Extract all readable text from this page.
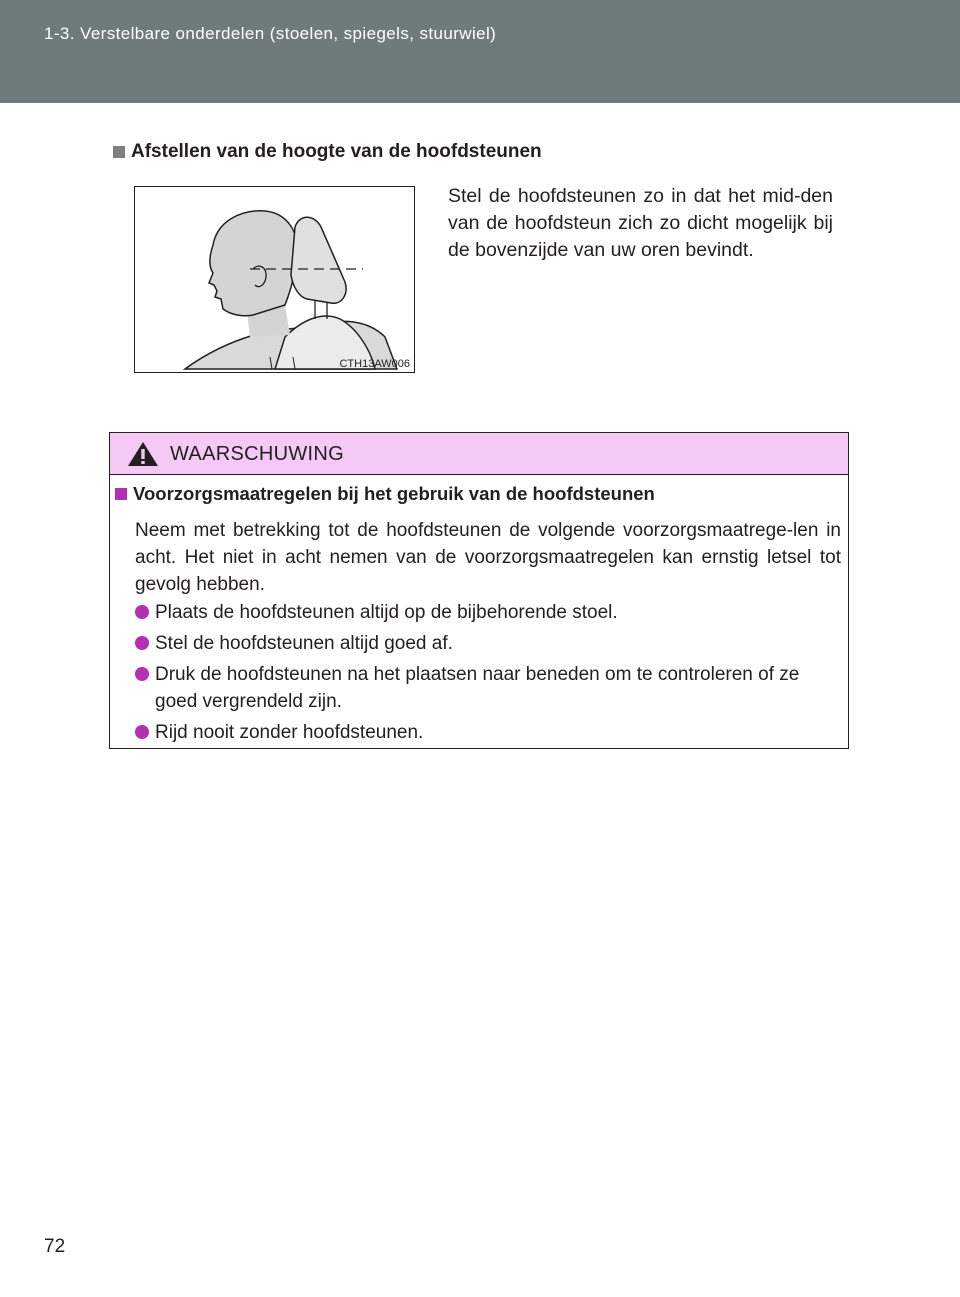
1-3. Verstelbare onderdelen (stoelen, spiegels, stuurwiel)
Afstellen van de hoogte van de hoofdsteunen
CTH13AW006
Stel de hoofdsteunen zo in dat het mid-den van de hoofdsteun zich zo dicht mogelijk bij de bovenzijde van uw oren bevindt.
WAARSCHUWING
Voorzorgsmaatregelen bij het gebruik van de hoofdsteunen
Neem met betrekking tot de hoofdsteunen de volgende voorzorgsmaatrege-len in acht. Het niet in acht nemen van de voorzorgsmaatregelen kan ernstig letsel tot gevolg hebben.
Plaats de hoofdsteunen altijd op de bijbehorende stoel.
Stel de hoofdsteunen altijd goed af.
Druk de hoofdsteunen na het plaatsen naar beneden om te controleren of ze goed vergrendeld zijn.
Rijd nooit zonder hoofdsteunen.
72
